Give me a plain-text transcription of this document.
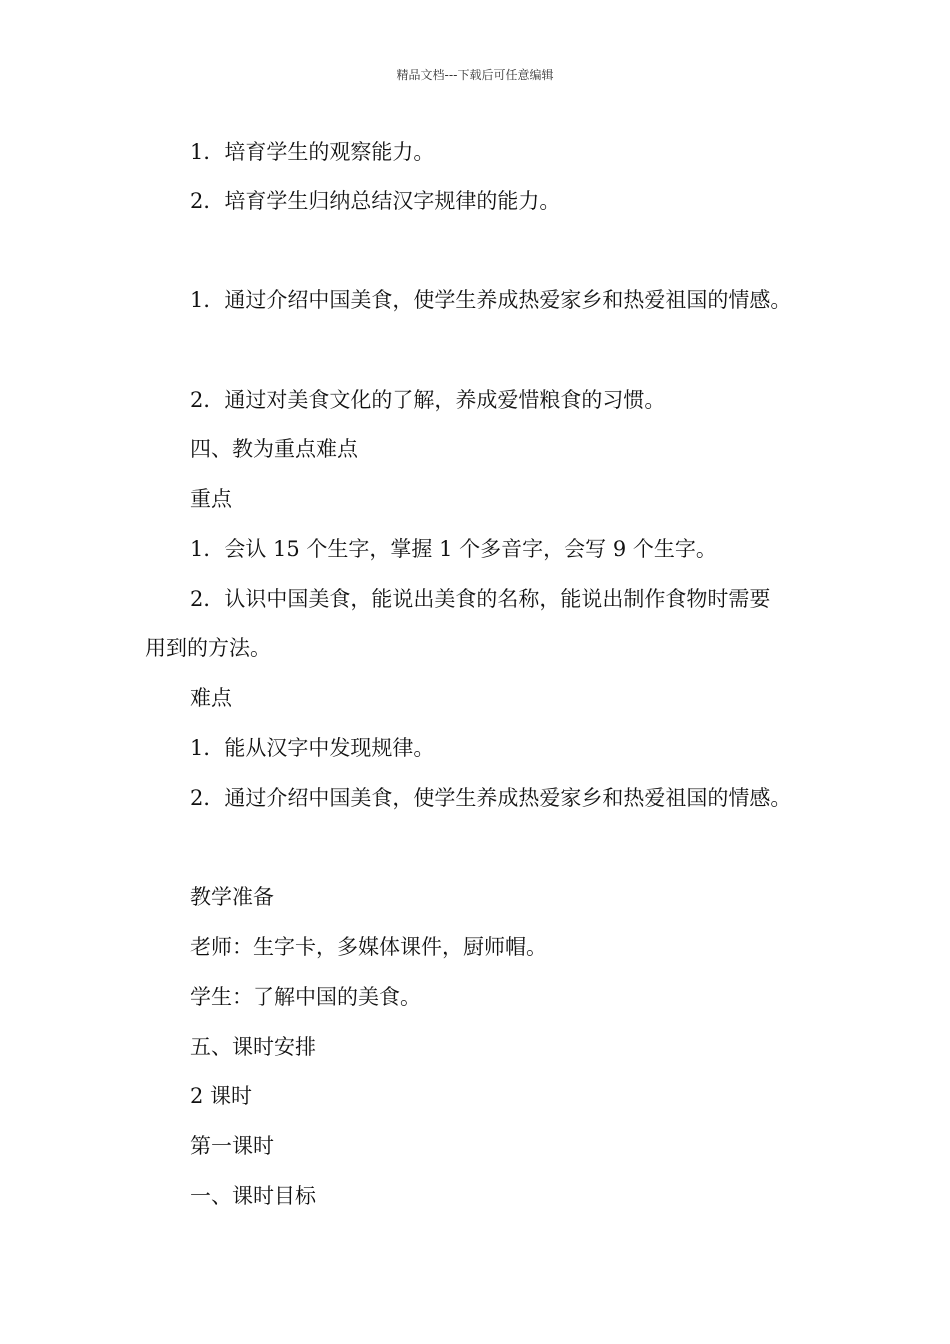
精品文档---下载后可任意编辑
1．培育学生的观察能力。
2．培育学生归纳总结汉字规律的能力。
1．通过介绍中国美食，使学生养成热爱家乡和热爱祖国的情感。
2．通过对美食文化的了解，养成爱惜粮食的习惯。
四、教为重点难点
重点
1．会认 15 个生字，掌握 1 个多音字，会写 9 个生字。
2．认识中国美食，能说出美食的名称，能说出制作食物时需要
用到的方法。
难点
1．能从汉字中发现规律。
2．通过介绍中国美食，使学生养成热爱家乡和热爱祖国的情感。
教学准备
老师：生字卡，多媒体课件，厨师帽。
学生：了解中国的美食。
五、课时安排
2 课时
第一课时
一、课时目标
